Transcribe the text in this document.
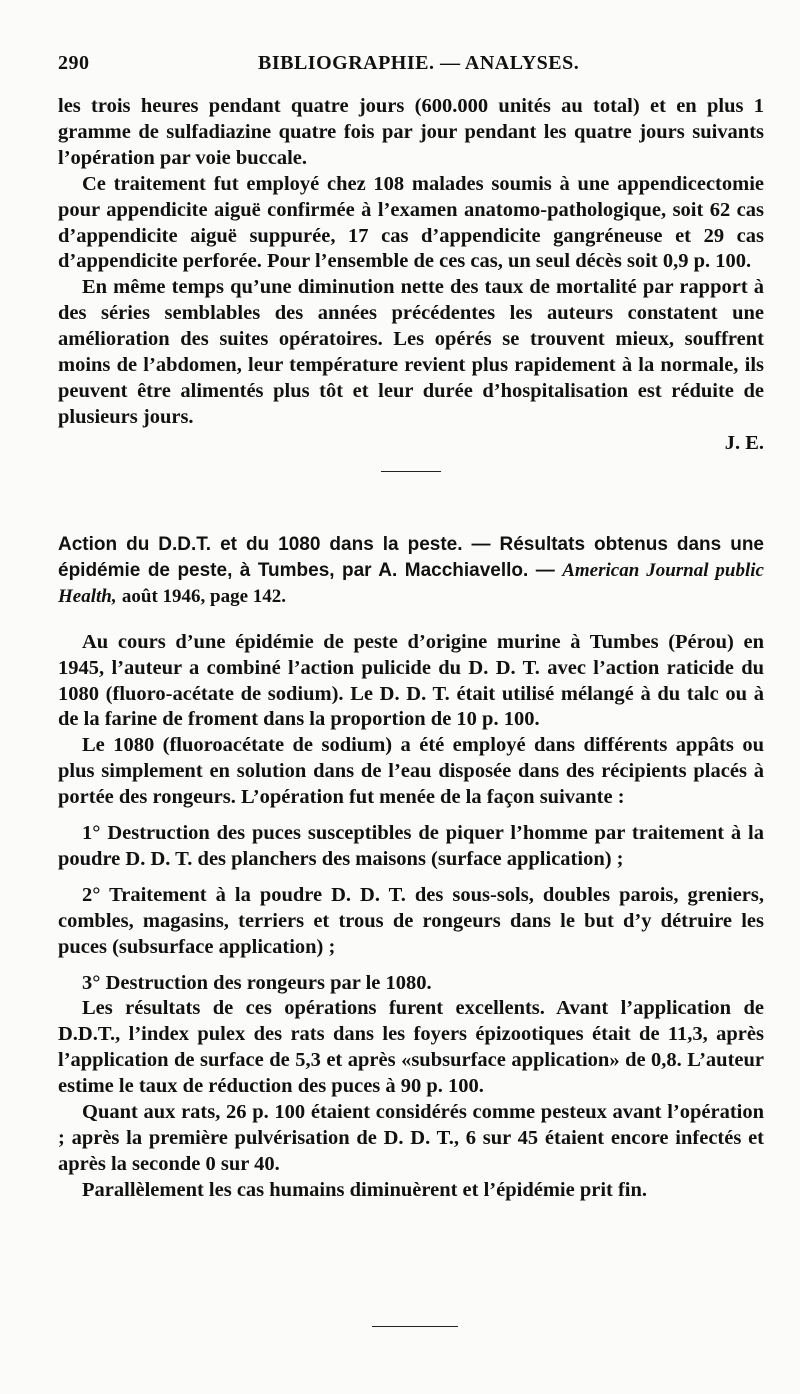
290	BIBLIOGRAPHIE. — ANALYSES.

les trois heures pendant quatre jours (600.000 unités au total) et en plus 1 gramme de sulfadiazine quatre fois par jour pendant les quatre jours suivants l’opération par voie buccale.

Ce traitement fut employé chez 108 malades soumis à une appendicectomie pour appendicite aiguë confirmée à l’examen anatomo-pathologique, soit 62 cas d’appendicite aiguë suppurée, 17 cas d’appendicite gangréneuse et 29 cas d’appendicite perforée. Pour l’ensemble de ces cas, un seul décès soit 0,9 p. 100.

En même temps qu’une diminution nette des taux de mortalité par rapport à des séries semblables des années précédentes les auteurs constatent une amélioration des suites opératoires. Les opérés se trouvent mieux, souffrent moins de l’abdomen, leur température revient plus rapidement à la normale, ils peuvent être alimentés plus tôt et leur durée d’hospitalisation est réduite de plusieurs jours.

J. E.

Action du D.D.T. et du 1080 dans la peste. — Résultats obtenus dans une épidémie de peste, à Tumbes, par A. Macchiavello. — American Journal public Health, août 1946, page 142.

Au cours d’une épidémie de peste d’origine murine à Tumbes (Pérou) en 1945, l’auteur a combiné l’action pulicide du D. D. T. avec l’action raticide du 1080 (fluoro-acétate de sodium). Le D. D. T. était utilisé mélangé à du talc ou à de la farine de froment dans la proportion de 10 p. 100.

Le 1080 (fluoroacétate de sodium) a été employé dans différents appâts ou plus simplement en solution dans de l’eau disposée dans des récipients placés à portée des rongeurs. L’opération fut menée de la façon suivante :

1° Destruction des puces susceptibles de piquer l’homme par traitement à la poudre D. D. T. des planchers des maisons (surface application) ;

2° Traitement à la poudre D. D. T. des sous-sols, doubles parois, greniers, combles, magasins, terriers et trous de rongeurs dans le but d’y détruire les puces (subsurface application) ;

3° Destruction des rongeurs par le 1080.

Les résultats de ces opérations furent excellents. Avant l’application de D.D.T., l’index pulex des rats dans les foyers épizootiques était de 11,3, après l’application de surface de 5,3 et après «subsurface application» de 0,8. L’auteur estime le taux de réduction des puces à 90 p. 100.

Quant aux rats, 26 p. 100 étaient considérés comme pesteux avant l’opération ; après la première pulvérisation de D. D. T., 6 sur 45 étaient encore infectés et après la seconde 0 sur 40.

Parallèlement les cas humains diminuèrent et l’épidémie prit fin.
